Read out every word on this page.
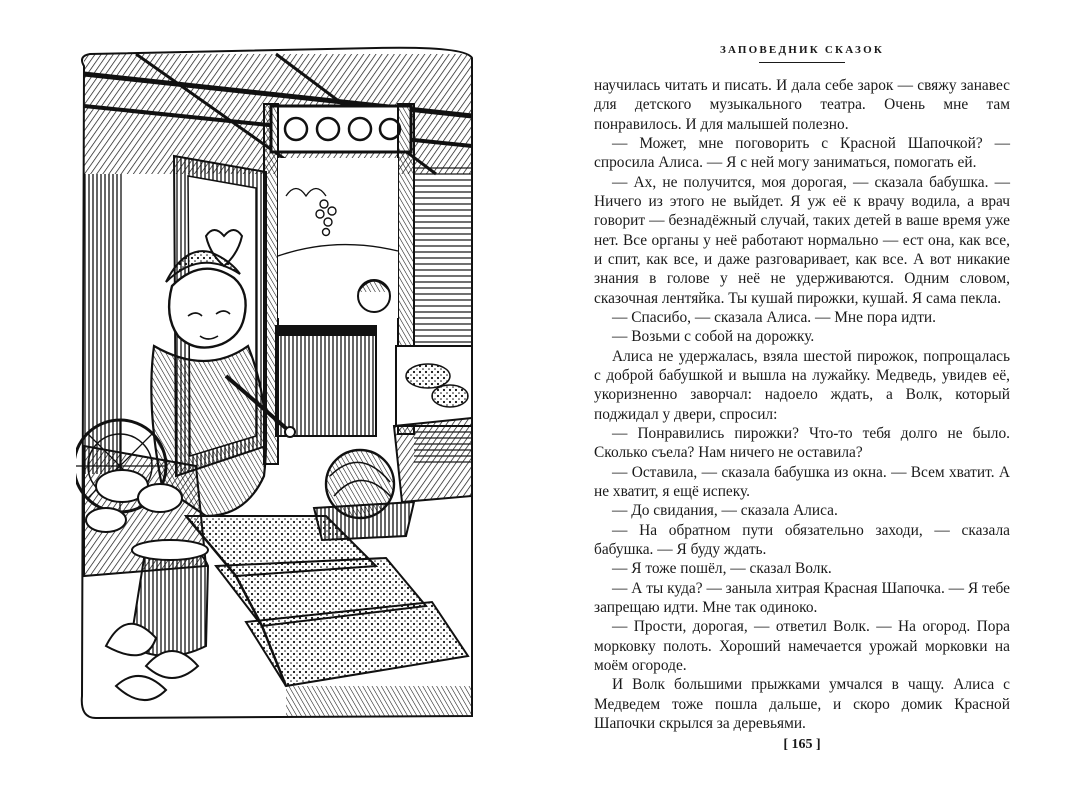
ЗАПОВЕДНИК СКАЗОК

научилась читать и писать. И дала себе зарок — свяжу занавес для детского музыкального театра. Очень мне там понравилось. И для малышей полезно.

— Может, мне поговорить с Красной Шапочкой? — спросила Алиса. — Я с ней могу заниматься, помогать ей.

— Ах, не получится, моя дорогая, — сказала бабушка. — Ничего из этого не выйдет. Я уж её к врачу водила, а врач говорит — безнадёжный случай, таких детей в ваше время уже нет. Все органы у неё работают нормально — ест она, как все, и спит, как все, и даже разговаривает, как все. А вот никакие знания в голове у неё не удерживаются. Одним словом, сказочная лентяйка. Ты кушай пирожки, кушай. Я сама пекла.

— Спасибо, — сказала Алиса. — Мне пора идти.

— Возьми с собой на дорожку.

Алиса не удержалась, взяла шестой пирожок, попрощалась с доброй бабушкой и вышла на лужайку. Медведь, увидев её, укоризненно заворчал: надоело ждать, а Волк, который поджидал у двери, спросил:

— Понравились пирожки? Что-то тебя долго не было. Сколько съела? Нам ничего не оставила?

— Оставила, — сказала бабушка из окна. — Всем хватит. А не хватит, я ещё испеку.

— До свидания, — сказала Алиса.

— На обратном пути обязательно заходи, — сказала бабушка. — Я буду ждать.

— Я тоже пошёл, — сказал Волк.

— А ты куда? — заныла хитрая Красная Шапочка. — Я тебе запрещаю идти. Мне так одиноко.

— Прости, дорогая, — ответил Волк. — На огород. Пора морковку полоть. Хороший намечается урожай морковки на моём огороде.

И Волк большими прыжками умчался в чащу. Алиса с Медведем тоже пошла дальше, и скоро домик Красной Шапочки скрылся за деревьями.

[ 165 ]
